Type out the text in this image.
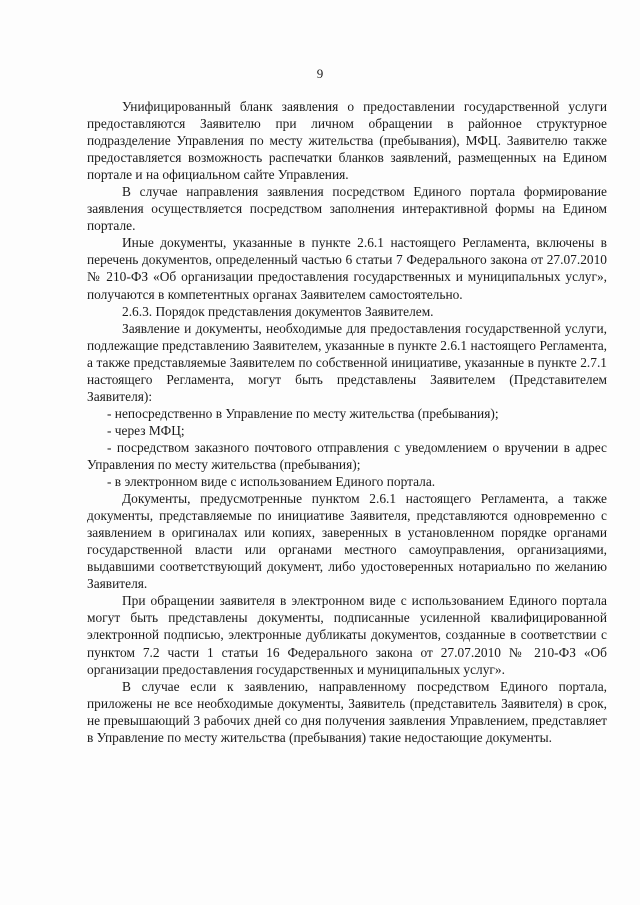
9

Унифицированный бланк заявления о предоставлении государственной услуги предоставляются Заявителю при личном обращении в районное структурное подразделение Управления по месту жительства (пребывания), МФЦ. Заявителю также предоставляется возможность распечатки бланков заявлений, размещенных на Едином портале и на официальном сайте Управления.

В случае направления заявления посредством Единого портала формирование заявления осуществляется посредством заполнения интерактивной формы на Едином портале.

Иные документы, указанные в пункте 2.6.1 настоящего Регламента, включены в перечень документов, определенный частью 6 статьи 7 Федерального закона от 27.07.2010 № 210-ФЗ «Об организации предоставления государственных и муниципальных услуг», получаются в компетентных органах Заявителем самостоятельно.

2.6.3. Порядок представления документов Заявителем.

Заявление и документы, необходимые для предоставления государственной услуги, подлежащие представлению Заявителем, указанные в пункте 2.6.1 настоящего Регламента, а также представляемые Заявителем по собственной инициативе, указанные в пункте 2.7.1 настоящего Регламента, могут быть представлены Заявителем (Представителем Заявителя):

- непосредственно в Управление по месту жительства (пребывания);

- через МФЦ;

- посредством заказного почтового отправления с уведомлением о вручении в адрес Управления по месту жительства (пребывания);

- в электронном виде с использованием Единого портала.

Документы, предусмотренные пунктом 2.6.1 настоящего Регламента, а также документы, представляемые по инициативе Заявителя, представляются одновременно с заявлением в оригиналах или копиях, заверенных в установленном порядке органами государственной власти или органами местного самоуправления, организациями, выдавшими соответствующий документ, либо удостоверенных нотариально по желанию Заявителя.

При обращении заявителя в электронном виде с использованием Единого портала могут быть представлены документы, подписанные усиленной квалифицированной электронной подписью, электронные дубликаты документов, созданные в соответствии с пунктом 7.2 части 1 статьи 16 Федерального закона от 27.07.2010 № 210-ФЗ «Об организации предоставления государственных и муниципальных услуг».

В случае если к заявлению, направленному посредством Единого портала, приложены не все необходимые документы, Заявитель (представитель Заявителя) в срок, не превышающий 3 рабочих дней со дня получения заявления Управлением, представляет в Управление по месту жительства (пребывания) такие недостающие документы.
